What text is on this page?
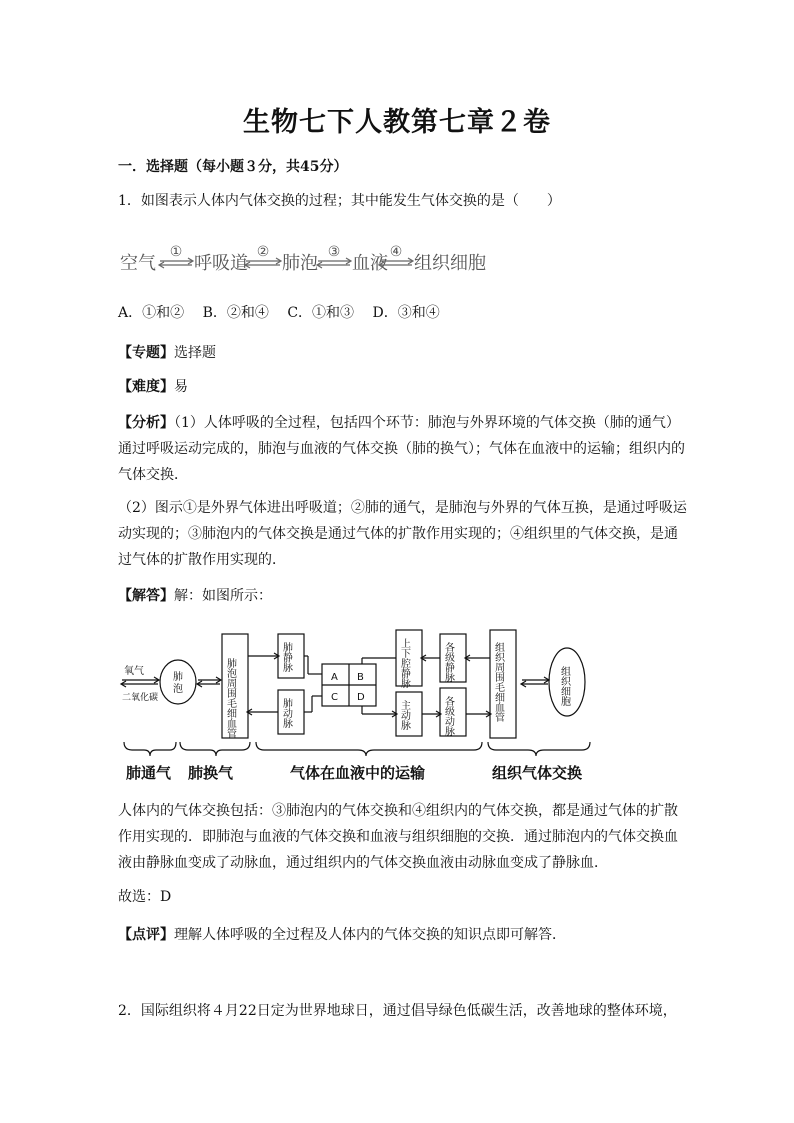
生物七下人教第七章２卷
一．选择题（每小题３分，共45分）
1．如图表示人体内气体交换的过程；其中能发生气体交换的是（　　）
空气 呼吸道 肺泡 血液 组织细胞
①	②	③	④
A．①和② B．②和④ C．①和③ D．③和④
【专题】选择题
【难度】易
【分析】（1）人体呼吸的全过程，包括四个环节：肺泡与外界环境的气体交换（肺的通气）通过呼吸运动完成的，肺泡与血液的气体交换（肺的换气）；气体在血液中的运输；组织内的气体交换．
（2）图示①是外界气体进出呼吸道；②肺的通气，是肺泡与外界的气体互换，是通过呼吸运动实现的；③肺泡内的气体交换是通过气体的扩散作用实现的；④组织里的气体交换，是通过气体的扩散作用实现的．
【解答】解：如图所示：
氧气
二氧化碳
肺
泡	肺泡周围毛细血管
肺静脉
肺动脉
上下腔静脉
主动脉
各级静脉
各级动脉	组织周围毛细血管	组织细胞
A B
C D
肺通气 肺换气	气体在血液中的运输	组织气体交换
人体内的气体交换包括：③肺泡内的气体交换和④组织内的气体交换，都是通过气体的扩散作用实现的．即肺泡与血液的气体交换和血液与组织细胞的交换．通过肺泡内的气体交换血液由静脉血变成了动脉血，通过组织内的气体交换血液由动脉血变成了静脉血．
故选：D
【点评】理解人体呼吸的全过程及人体内的气体交换的知识点即可解答．
2．国际组织将４月22日定为世界地球日，通过倡导绿色低碳生活，改善地球的整体环境，
